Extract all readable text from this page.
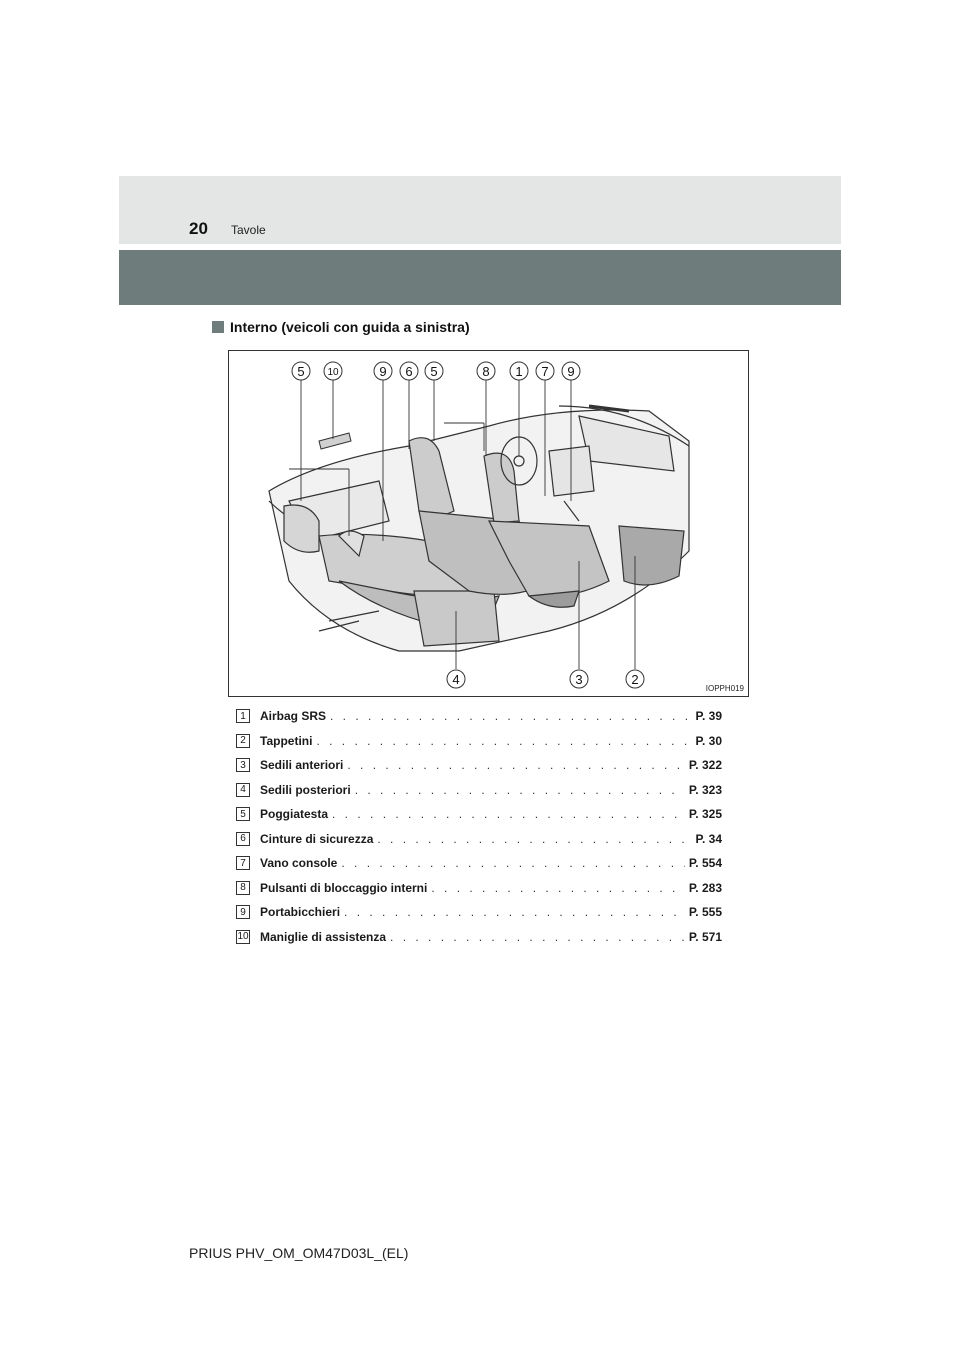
20 Tavole
Interno (veicoli con guida a sinistra)
5 10	9 6 5	8 1 7 9
4	3	2
IOPPH019
1	Airbag SRS . . .	P. 39
2	Tappetini . . .	P. 30
3	Sedili anteriori . . .	P. 322
4	Sedili posteriori . . .	P. 323
5	Poggiatesta . . .	P. 325
6	Cinture di sicurezza . . .	P. 34
7	Vano console . . .	P. 554
8	Pulsanti di bloccaggio interni . . .	P. 283
9	Portabicchieri . . .	P. 555
10 Maniglie di assistenza . . .	P. 571
PRIUS PHV_OM_OM47D03L_(EL)
